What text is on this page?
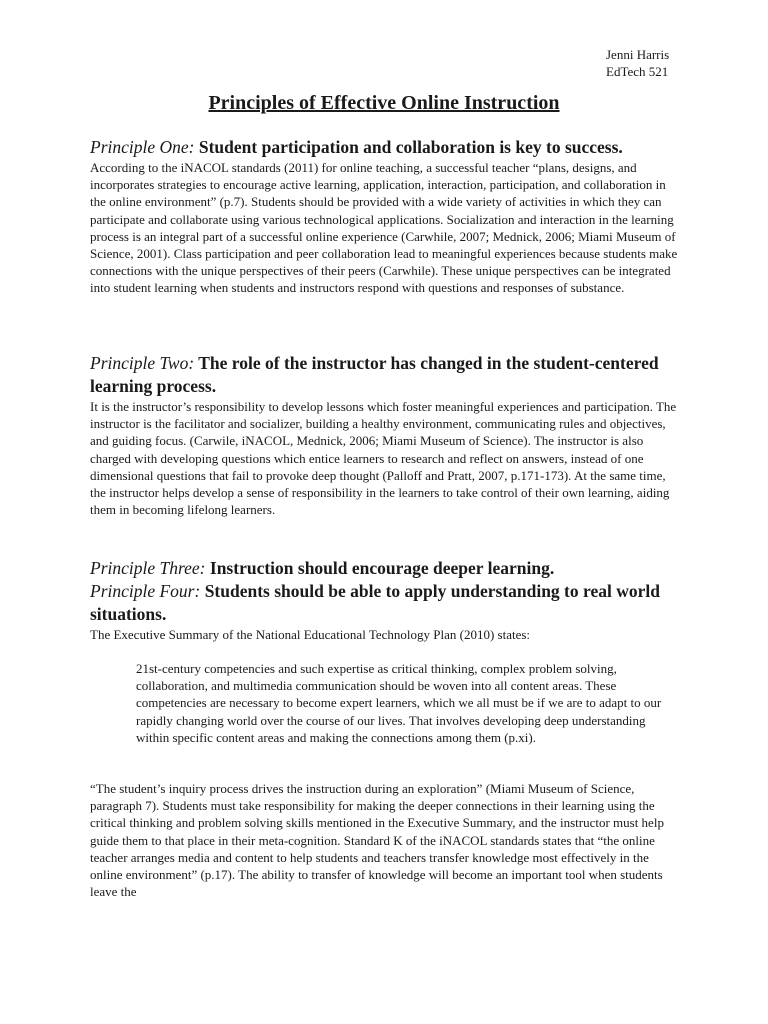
Jenni Harris
EdTech 521
Principles of Effective Online Instruction

Principle One: Student participation and collaboration is key to success.

According to the iNACOL standards (2011) for online teaching, a successful teacher “plans, designs, and incorporates strategies to encourage active learning, application, interaction, participation, and collaboration in the online environment” (p.7). Students should be provided with a wide variety of activities in which they can participate and collaborate using various technological applications. Socialization and interaction in the learning process is an integral part of a successful online experience (Carwhile, 2007; Mednick, 2006; Miami Museum of Science, 2001). Class participation and peer collaboration lead to meaningful experiences because students make connections with the unique perspectives of their peers (Carwhile). These unique perspectives can be integrated into student learning when students and instructors respond with questions and responses of substance.

Principle Two: The role of the instructor has changed in the student-centered learning process.

It is the instructor’s responsibility to develop lessons which foster meaningful experiences and participation. The instructor is the facilitator and socializer, building a healthy environment, communicating rules and objectives, and guiding focus. (Carwile, iNACOL, Mednick, 2006; Miami Museum of Science). The instructor is also charged with developing questions which entice learners to research and reflect on answers, instead of one dimensional questions that fail to provoke deep thought (Palloff and Pratt, 2007, p.171-173). At the same time, the instructor helps develop a sense of responsibility in the learners to take control of their own learning, aiding them in becoming lifelong learners.

Principle Three: Instruction should encourage deeper learning.

Principle Four: Students should be able to apply understanding to real world situations.

The Executive Summary of the National Educational Technology Plan (2010) states:

21st-century competencies and such expertise as critical thinking, complex problem solving, collaboration, and multimedia communication should be woven into all content areas. These competencies are necessary to become expert learners, which we all must be if we are to adapt to our rapidly changing world over the course of our lives. That involves developing deep understanding within specific content areas and making the connections among them (p.xi).

“The student’s inquiry process drives the instruction during an exploration” (Miami Museum of Science, paragraph 7). Students must take responsibility for making the deeper connections in their learning using the critical thinking and problem solving skills mentioned in the Executive Summary, and the instructor must help guide them to that place in their meta-cognition. Standard K of the iNACOL standards states that “the online teacher arranges media and content to help students and teachers transfer knowledge most effectively in the online environment” (p.17). The ability to transfer of knowledge will become an important tool when students leave the
